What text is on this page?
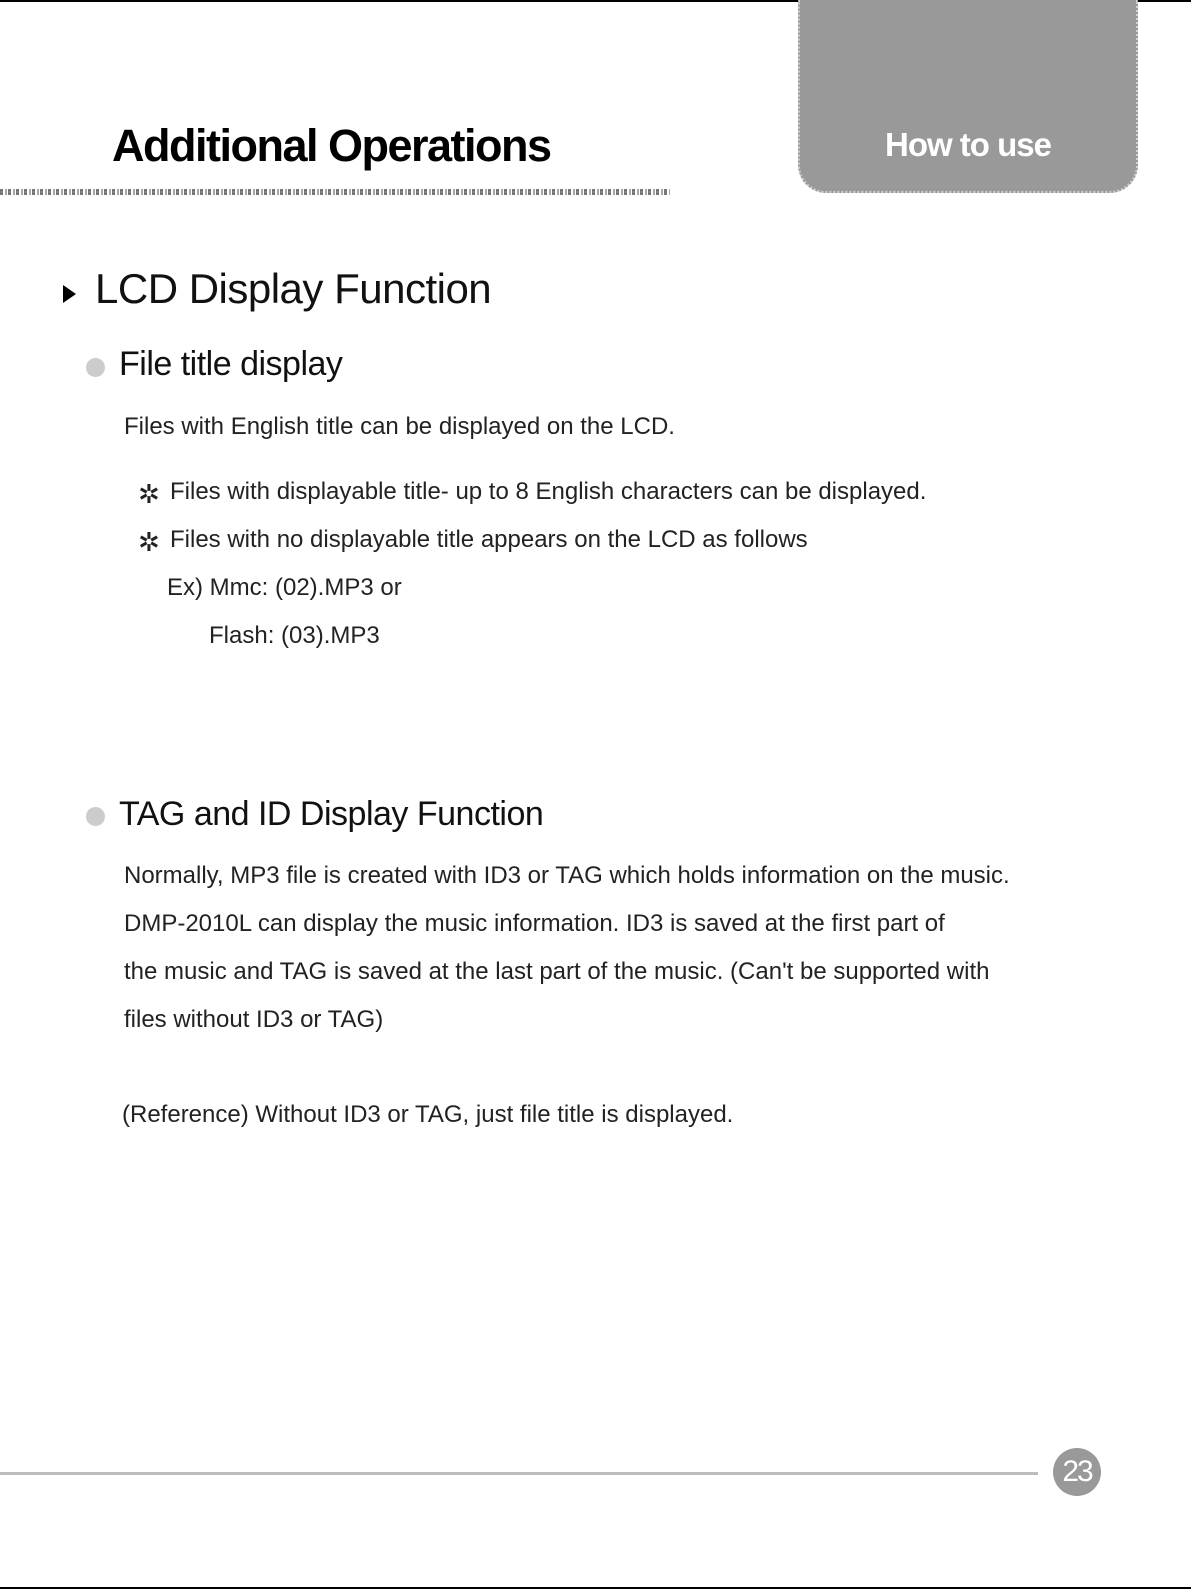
How to use
Additional Operations
LCD Display Function
File title display
Files with English title can be displayed on the LCD.
✲ Files with displayable title- up to 8 English characters can be displayed.
✲ Files with no displayable title appears on the LCD as follows
Ex) Mmc: (02).MP3 or
Flash: (03).MP3
TAG and ID Display Function
Normally, MP3 file is created with ID3 or TAG which holds information on the music.
DMP-2010L can display the music information. ID3 is saved at the first part of
the music and TAG is saved at the last part of the music. (Can't be supported with
files without ID3 or TAG)
(Reference) Without ID3 or TAG, just file title is displayed.
23
